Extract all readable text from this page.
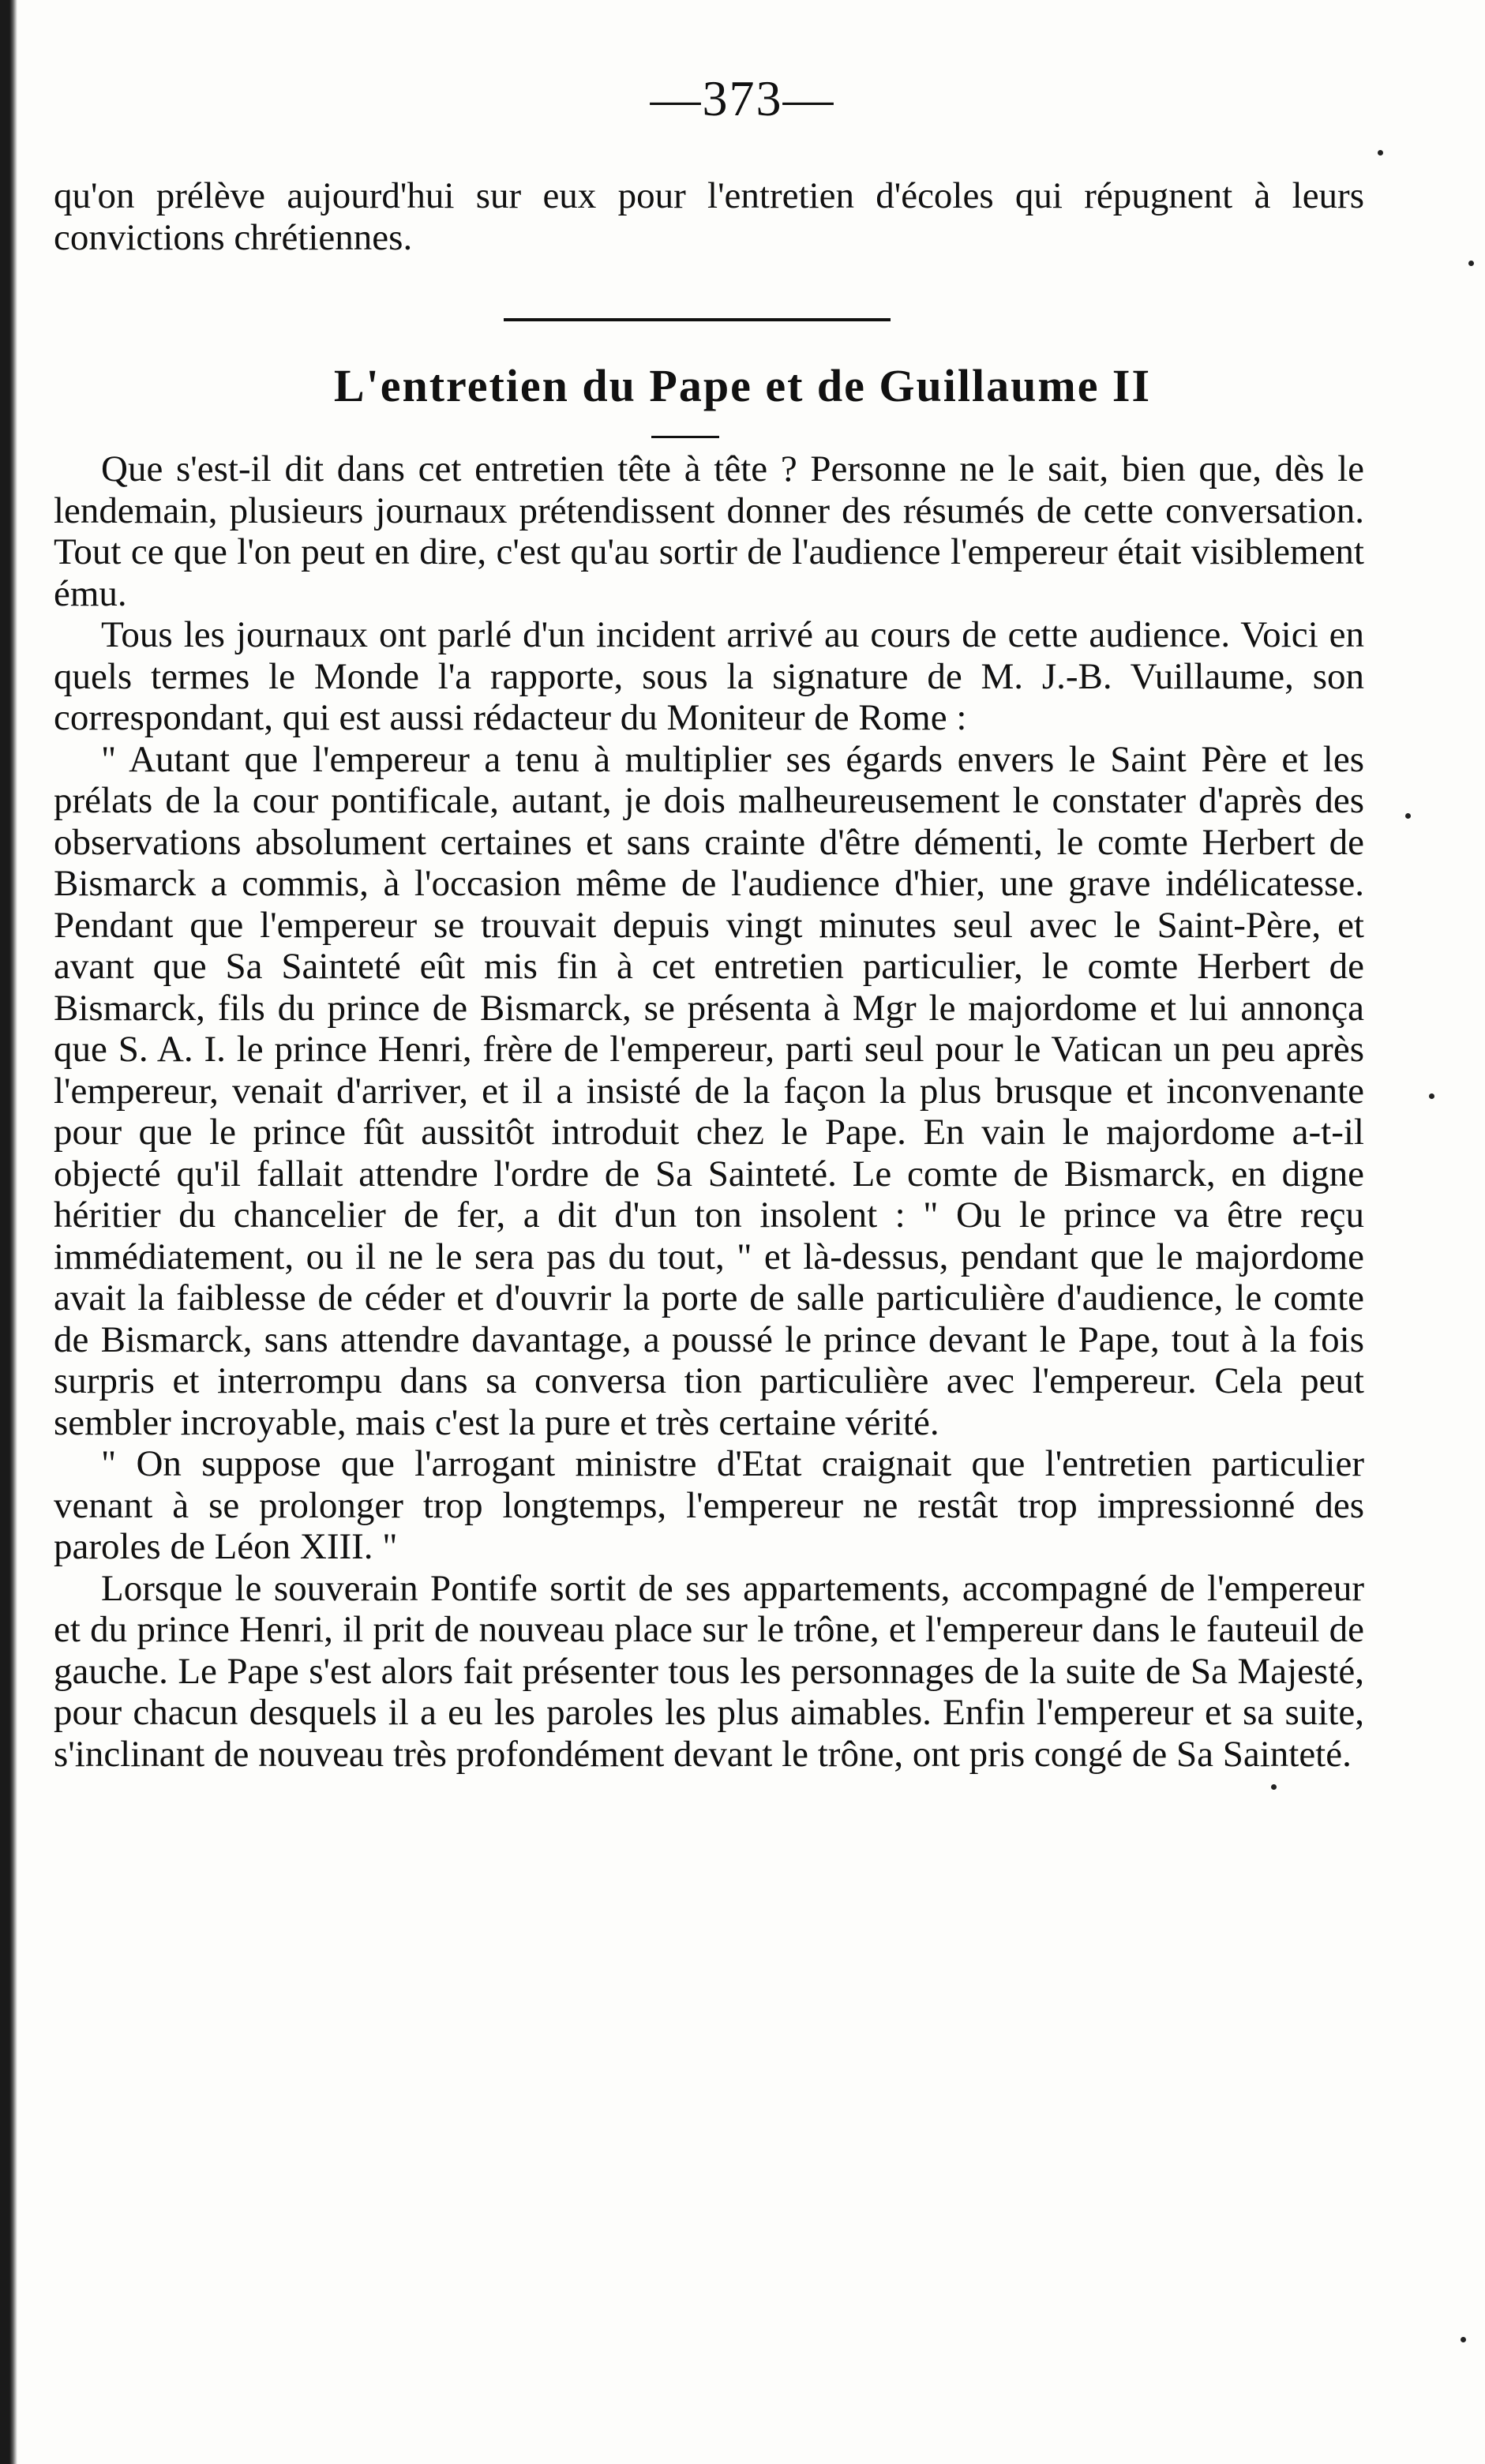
—373—

qu'on prélève aujourd'hui sur eux pour l'entretien d'écoles qui répugnent à leurs convictions chrétiennes.

L'entretien du Pape et de Guillaume II

Que s'est-il dit dans cet entretien tête à tête ? Personne ne le sait, bien que, dès le lendemain, plusieurs journaux prétendissent donner des résumés de cette conversation. Tout ce que l'on peut en dire, c'est qu'au sortir de l'audience l'empereur était visiblement ému.

Tous les journaux ont parlé d'un incident arrivé au cours de cette audience. Voici en quels termes le Monde l'a rapporte, sous la signature de M. J.-B. Vuillaume, son correspondant, qui est aussi rédacteur du Moniteur de Rome :

" Autant que l'empereur a tenu à multiplier ses égards envers le Saint Père et les prélats de la cour pontificale, autant, je dois malheureusement le constater d'après des observations absolument certaines et sans crainte d'être démenti, le comte Herbert de Bismarck a commis, à l'occasion même de l'audience d'hier, une grave indélicatesse. Pendant que l'empereur se trouvait depuis vingt minutes seul avec le Saint-Père, et avant que Sa Sainteté eût mis fin à cet entretien particulier, le comte Herbert de Bismarck, fils du prince de Bismarck, se présenta à Mgr le majordome et lui annonça que S. A. I. le prince Henri, frère de l'empereur, parti seul pour le Vatican un peu après l'empereur, venait d'arriver, et il a insisté de la façon la plus brusque et inconvenante pour que le prince fût aussitôt introduit chez le Pape. En vain le majordome a-t-il objecté qu'il fallait attendre l'ordre de Sa Sainteté. Le comte de Bismarck, en digne héritier du chancelier de fer, a dit d'un ton insolent : " Ou le prince va être reçu immédiatement, ou il ne le sera pas du tout, " et là-dessus, pendant que le majordome avait la faiblesse de céder et d'ouvrir la porte de salle particulière d'audience, le comte de Bismarck, sans attendre davantage, a poussé le prince devant le Pape, tout à la fois surpris et interrompu dans sa conversa tion particulière avec l'empereur. Cela peut sembler incroyable, mais c'est la pure et très certaine vérité.

" On suppose que l'arrogant ministre d'Etat craignait que l'entretien particulier venant à se prolonger trop longtemps, l'empereur ne restât trop impressionné des paroles de Léon XIII. "

Lorsque le souverain Pontife sortit de ses appartements, accompagné de l'empereur et du prince Henri, il prit de nouveau place sur le trône, et l'empereur dans le fauteuil de gauche. Le Pape s'est alors fait présenter tous les personnages de la suite de Sa Majesté, pour chacun desquels il a eu les paroles les plus aimables. Enfin l'empereur et sa suite, s'inclinant de nouveau très profondément devant le trône, ont pris congé de Sa Sainteté.
